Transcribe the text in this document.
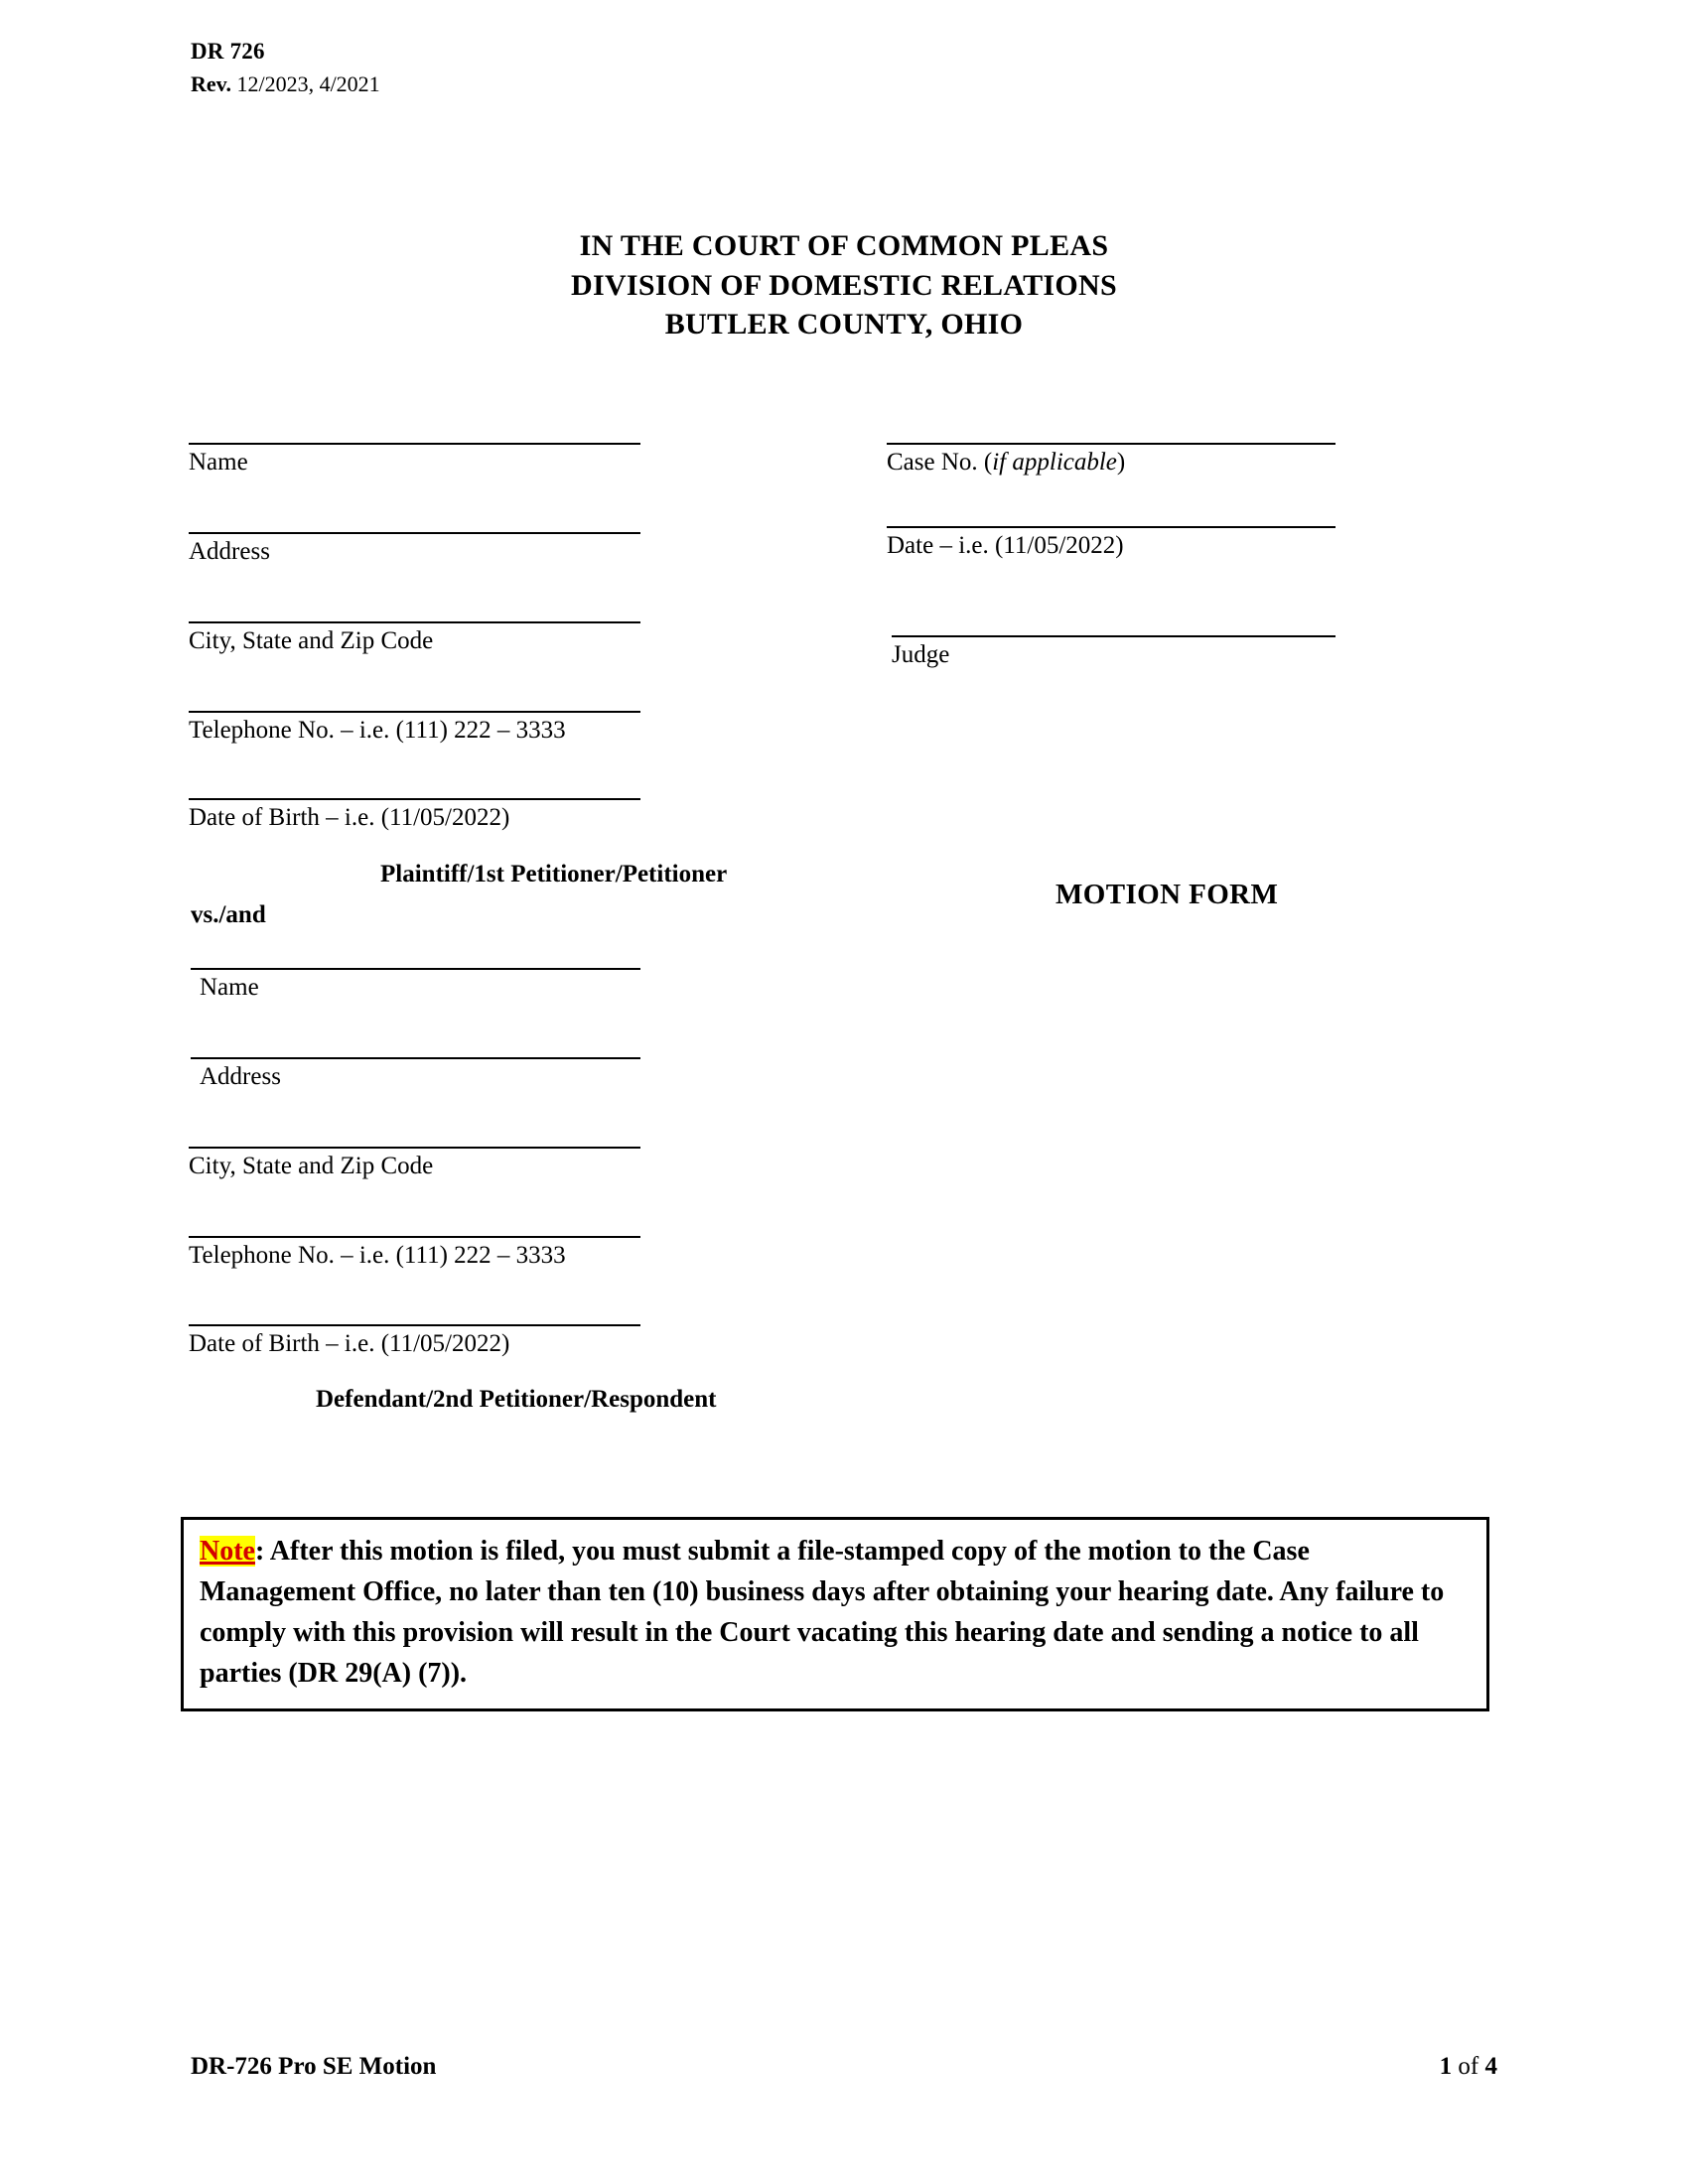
DR 726
Rev. 12/2023, 4/2021
IN THE COURT OF COMMON PLEAS
DIVISION OF DOMESTIC RELATIONS
BUTLER COUNTY, OHIO
Name
Address
City, State and Zip Code
Telephone No. – i.e. (111) 222 – 3333
Date of Birth – i.e. (11/05/2022)
Plaintiff/1st Petitioner/Petitioner
vs./and
Name
Address
City, State and Zip Code
Telephone No. – i.e. (111) 222 – 3333
Date of Birth – i.e. (11/05/2022)
Defendant/2nd Petitioner/Respondent
Case No. (if applicable)
Date – i.e. (11/05/2022)
Judge
MOTION FORM
Note: After this motion is filed, you must submit a file-stamped copy of the motion to the Case Management Office, no later than ten (10) business days after obtaining your hearing date. Any failure to comply with this provision will result in the Court vacating this hearing date and sending a notice to all parties (DR 29(A) (7)).
DR-726 Pro SE Motion	1 of 4
